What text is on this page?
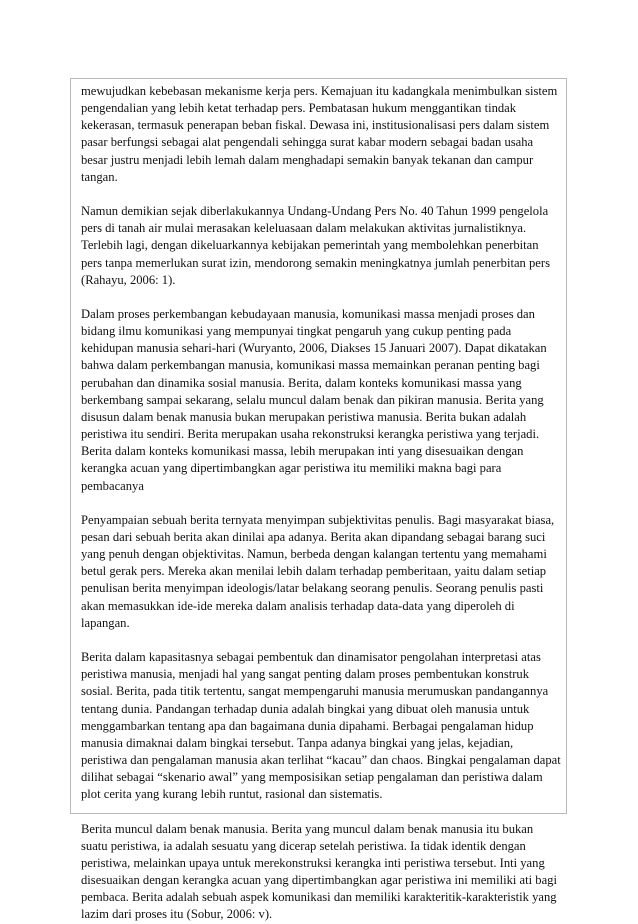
mewujudkan kebebasan mekanisme kerja pers. Kemajuan itu kadangkala menimbulkan sistem pengendalian yang lebih ketat terhadap pers. Pembatasan hukum menggantikan tindak kekerasan, termasuk penerapan beban fiskal. Dewasa ini, institusionalisasi pers dalam sistem pasar berfungsi sebagai alat pengendali sehingga surat kabar modern sebagai badan usaha besar justru menjadi lebih lemah dalam menghadapi semakin banyak tekanan dan campur tangan.

Namun demikian sejak diberlakukannya Undang-Undang Pers No. 40 Tahun 1999 pengelola pers di tanah air mulai merasakan keleluasaan dalam melakukan aktivitas jurnalistiknya. Terlebih lagi, dengan dikeluarkannya kebijakan pemerintah yang membolehkan penerbitan pers tanpa memerlukan surat izin, mendorong semakin meningkatnya jumlah penerbitan pers (Rahayu, 2006: 1).

Dalam proses perkembangan kebudayaan manusia, komunikasi massa menjadi proses dan bidang ilmu komunikasi yang mempunyai tingkat pengaruh yang cukup penting pada kehidupan manusia sehari-hari (Wuryanto, 2006, Diakses 15 Januari 2007). Dapat dikatakan bahwa dalam perkembangan manusia, komunikasi massa memainkan peranan penting bagi perubahan dan dinamika sosial manusia. Berita, dalam konteks komunikasi massa yang berkembang sampai sekarang, selalu muncul dalam benak dan pikiran manusia. Berita yang disusun dalam benak manusia bukan merupakan peristiwa manusia. Berita bukan adalah peristiwa itu sendiri. Berita merupakan usaha rekonstruksi kerangka peristiwa yang terjadi. Berita dalam konteks komunikasi massa, lebih merupakan inti yang disesuaikan dengan kerangka acuan yang dipertimbangkan agar peristiwa itu memiliki makna bagi para pembacanya

Penyampaian sebuah berita ternyata menyimpan subjektivitas penulis. Bagi masyarakat biasa, pesan dari sebuah berita akan dinilai apa adanya. Berita akan dipandang sebagai barang suci yang penuh dengan objektivitas. Namun, berbeda dengan kalangan tertentu yang memahami betul gerak pers. Mereka akan menilai lebih dalam terhadap pemberitaan, yaitu dalam setiap penulisan berita menyimpan ideologis/latar belakang seorang penulis. Seorang penulis pasti akan memasukkan ide-ide mereka dalam analisis terhadap data-data yang diperoleh di lapangan.

Berita dalam kapasitasnya sebagai pembentuk dan dinamisator pengolahan interpretasi atas peristiwa manusia, menjadi hal yang sangat penting dalam proses pembentukan konstruk sosial. Berita, pada titik tertentu, sangat mempengaruhi manusia merumuskan pandangannya tentang dunia. Pandangan terhadap dunia adalah bingkai yang dibuat oleh manusia untuk menggambarkan tentang apa dan bagaimana dunia dipahami. Berbagai pengalaman hidup manusia dimaknai dalam bingkai tersebut. Tanpa adanya bingkai yang jelas, kejadian, peristiwa dan pengalaman manusia akan terlihat “kacau” dan chaos. Bingkai pengalaman dapat dilihat sebagai “skenario awal” yang memposisikan setiap pengalaman dan peristiwa dalam plot cerita yang kurang lebih runtut, rasional dan sistematis.

Berita muncul dalam benak manusia. Berita yang muncul dalam benak manusia itu bukan suatu peristiwa, ia adalah sesuatu yang dicerap setelah peristiwa. Ia tidak identik dengan peristiwa, melainkan upaya untuk merekonstruksi kerangka inti peristiwa tersebut. Inti yang disesuaikan dengan kerangka acuan yang dipertimbangkan agar peristiwa ini memiliki ati bagi pembaca. Berita adalah sebuah aspek komunikasi dan memiliki karakteritik-karakteristik yang lazim dari proses itu (Sobur, 2006: v).
